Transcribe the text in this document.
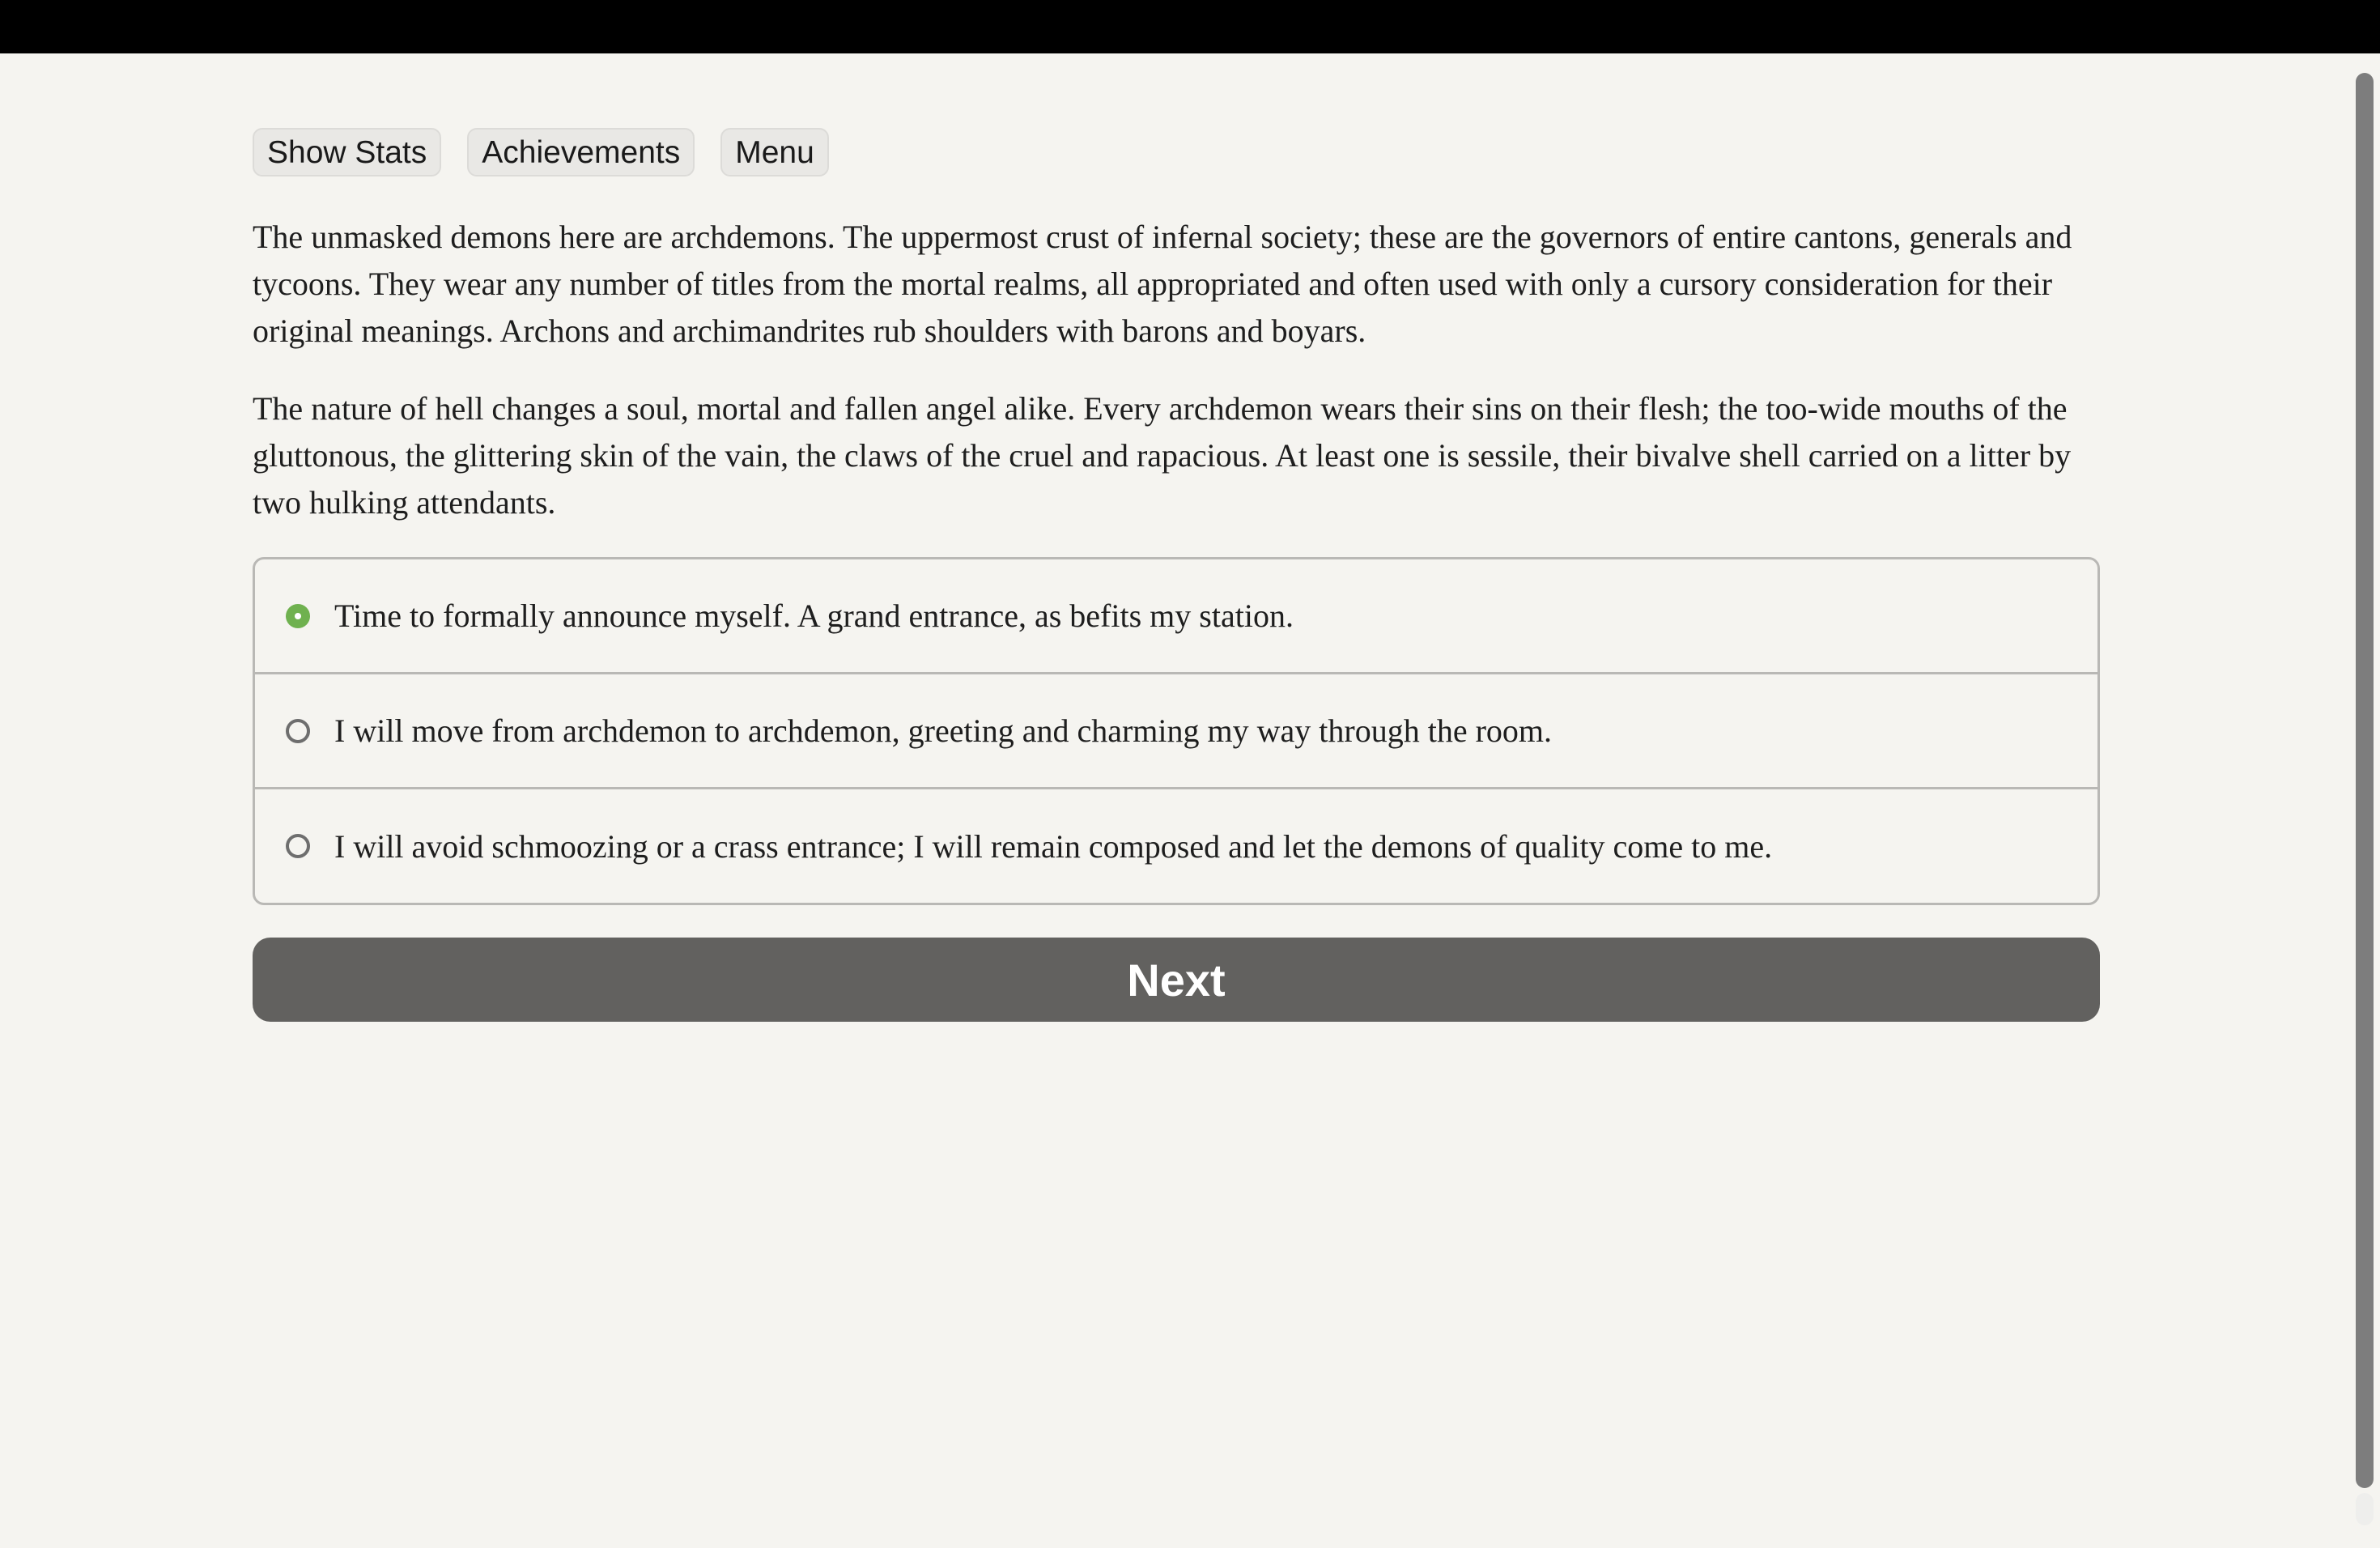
Show Stats	Achievements	Menu

The unmasked demons here are archdemons. The uppermost crust of infernal society; these are the governors of entire cantons, generals and tycoons. They wear any number of titles from the mortal realms, all appropriated and often used with only a cursory consideration for their original meanings. Archons and archimandrites rub shoulders with barons and boyars.

The nature of hell changes a soul, mortal and fallen angel alike. Every archdemon wears their sins on their flesh; the too-wide mouths of the gluttonous, the glittering skin of the vain, the claws of the cruel and rapacious. At least one is sessile, their bivalve shell carried on a litter by two hulking attendants.

Time to formally announce myself. A grand entrance, as befits my station.
I will move from archdemon to archdemon, greeting and charming my way through the room.
I will avoid schmoozing or a crass entrance; I will remain composed and let the demons of quality come to me.
Next
